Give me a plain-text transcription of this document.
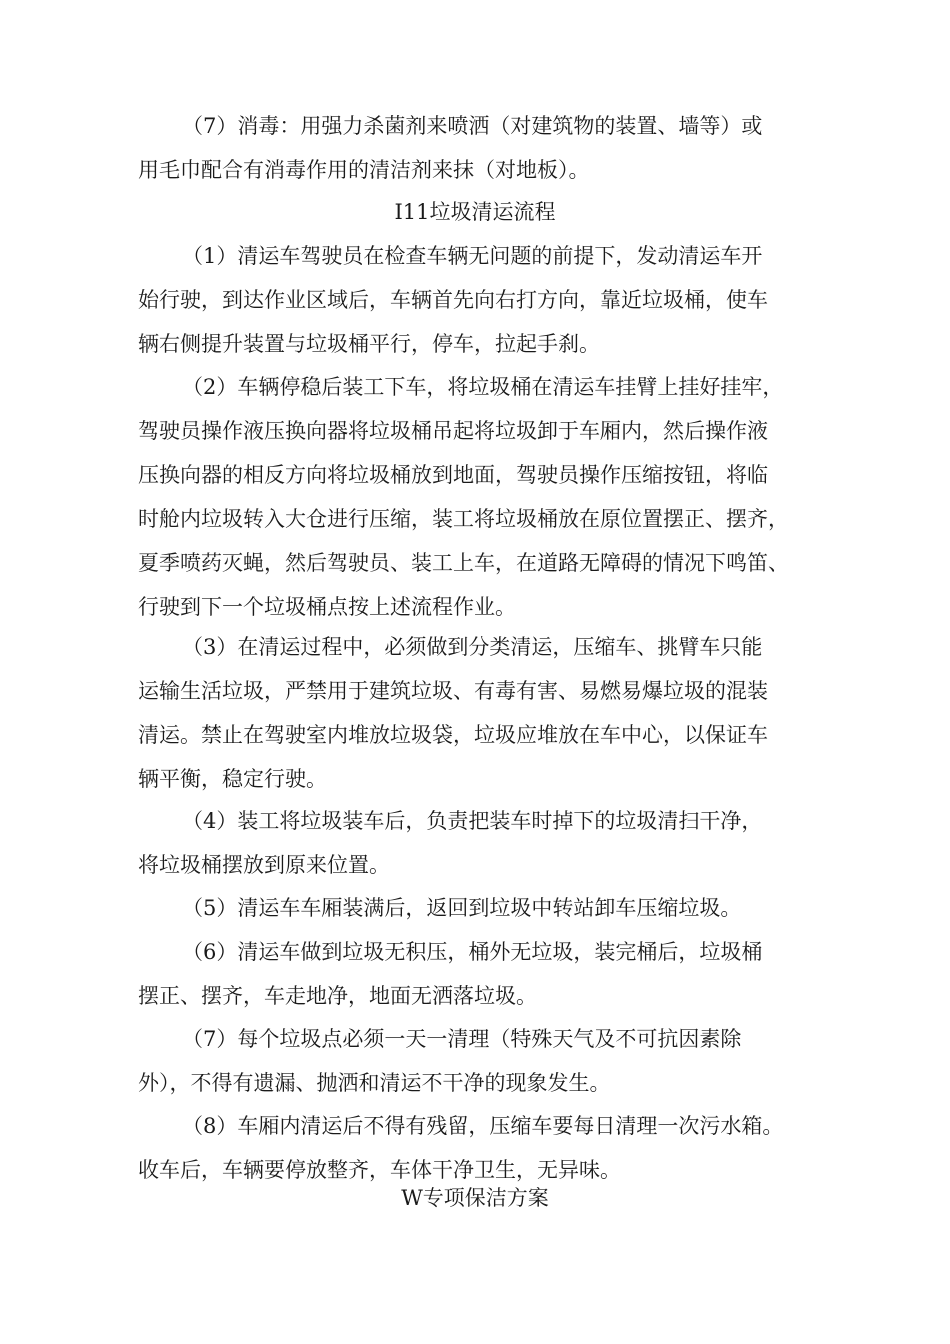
（7）消毒：用强力杀菌剂来喷洒（对建筑物的装置、墙等）或
用毛巾配合有消毒作用的清洁剂来抹（对地板）。

I11垃圾清运流程

（1）清运车驾驶员在检查车辆无问题的前提下，发动清运车开
始行驶，到达作业区域后，车辆首先向右打方向，靠近垃圾桶，使车
辆右侧提升装置与垃圾桶平行，停车，拉起手刹。

（2）车辆停稳后装工下车，将垃圾桶在清运车挂臂上挂好挂牢，
驾驶员操作液压换向器将垃圾桶吊起将垃圾卸于车厢内，然后操作液
压换向器的相反方向将垃圾桶放到地面，驾驶员操作压缩按钮，将临
时舱内垃圾转入大仓进行压缩，装工将垃圾桶放在原位置摆正、摆齐，
夏季喷药灭蝇，然后驾驶员、装工上车，在道路无障碍的情况下鸣笛、
行驶到下一个垃圾桶点按上述流程作业。

（3）在清运过程中，必须做到分类清运，压缩车、挑臂车只能
运输生活垃圾，严禁用于建筑垃圾、有毒有害、易燃易爆垃圾的混装
清运。禁止在驾驶室内堆放垃圾袋，垃圾应堆放在车中心，以保证车
辆平衡，稳定行驶。

（4）装工将垃圾装车后，负责把装车时掉下的垃圾清扫干净，
将垃圾桶摆放到原来位置。

（5）清运车车厢装满后，返回到垃圾中转站卸车压缩垃圾。

（6）清运车做到垃圾无积压，桶外无垃圾，装完桶后，垃圾桶
摆正、摆齐，车走地净，地面无洒落垃圾。

（7）每个垃圾点必须一天一清理（特殊天气及不可抗因素除
外），不得有遗漏、抛洒和清运不干净的现象发生。

（8）车厢内清运后不得有残留，压缩车要每日清理一次污水箱。
收车后，车辆要停放整齐，车体干净卫生，无异味。

W专项保洁方案
